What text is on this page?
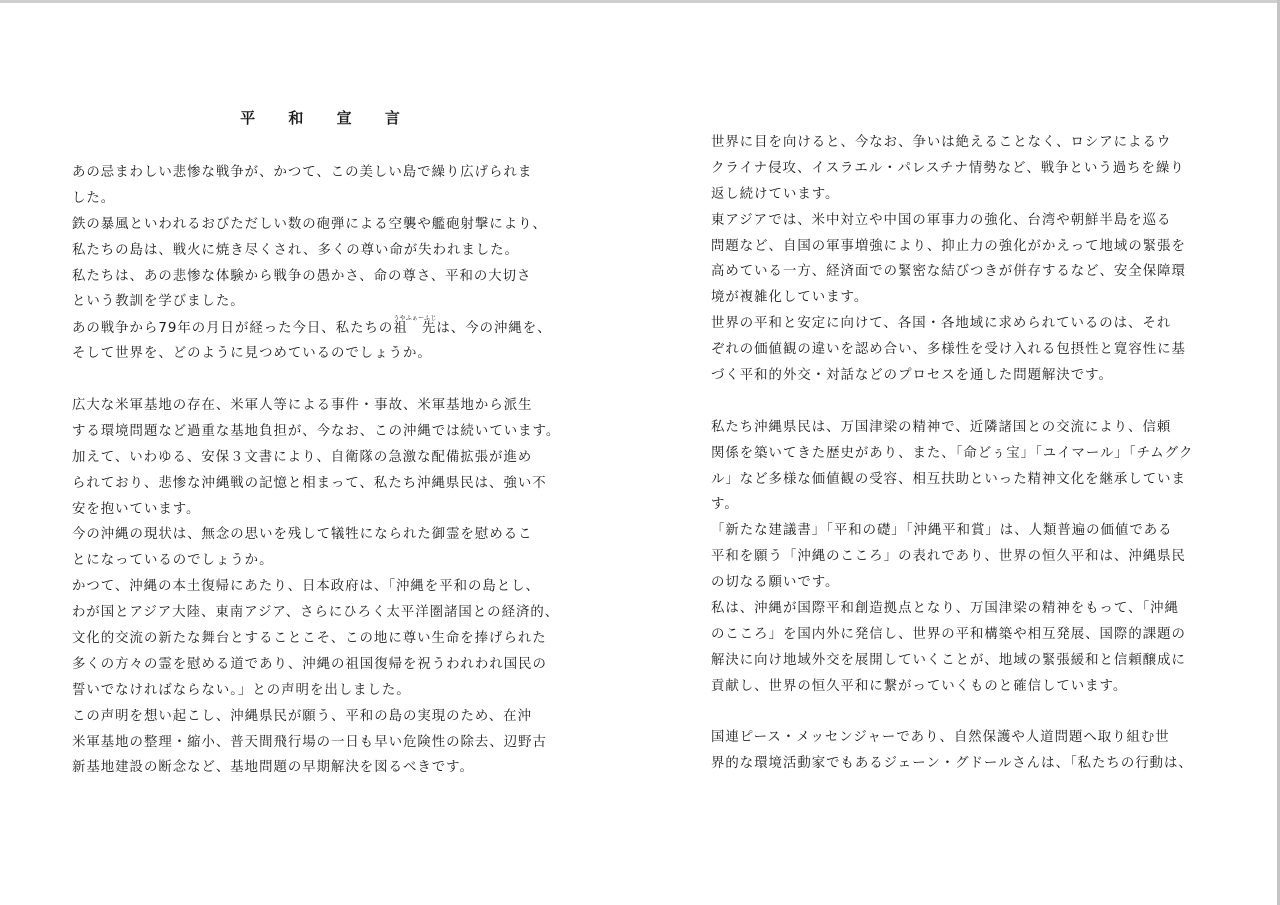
平 和 宣 言
あの忌まわしい悲惨な戦争が、かつて、この美しい島で繰り広げられま
した。
鉄の暴風といわれるおびただしい数の砲弾による空襲や艦砲射撃により、
私たちの島は、戦火に焼き尽くされ、多くの尊い命が失われました。
私たちは、あの悲惨な体験から戦争の愚かさ、命の尊さ、平和の大切さ
という教訓を学びました。
あの戦争から79年の月日が経った今日、私たちの祖　先うやふぁーふじは、今の沖縄を、
そして世界を、どのように見つめているのでしょうか。
広大な米軍基地の存在、米軍人等による事件・事故、米軍基地から派生
する環境問題など過重な基地負担が、今なお、この沖縄では続いています。
加えて、いわゆる、安保３文書により、自衛隊の急激な配備拡張が進め
られており、悲惨な沖縄戦の記憶と相まって、私たち沖縄県民は、強い不
安を抱いています。
今の沖縄の現状は、無念の思いを残して犠牲になられた御霊を慰めるこ
とになっているのでしょうか。
かつて、沖縄の本土復帰にあたり、日本政府は、「沖縄を平和の島とし、
わが国とアジア大陸、東南アジア、さらにひろく太平洋圏諸国との経済的、
文化的交流の新たな舞台とすることこそ、この地に尊い生命を捧げられた
多くの方々の霊を慰める道であり、沖縄の祖国復帰を祝うわれわれ国民の
誓いでなければならない。」との声明を出しました。
この声明を想い起こし、沖縄県民が願う、平和の島の実現のため、在沖
米軍基地の整理・縮小、普天間飛行場の一日も早い危険性の除去、辺野古
新基地建設の断念など、基地問題の早期解決を図るべきです。
世界に目を向けると、今なお、争いは絶えることなく、ロシアによるウ
クライナ侵攻、イスラエル・パレスチナ情勢など、戦争という過ちを繰り
返し続けています。
東アジアでは、米中対立や中国の軍事力の強化、台湾や朝鮮半島を巡る
問題など、自国の軍事増強により、抑止力の強化がかえって地域の緊張を
高めている一方、経済面での緊密な結びつきが併存するなど、安全保障環
境が複雑化しています。
世界の平和と安定に向けて、各国・各地域に求められているのは、それ
ぞれの価値観の違いを認め合い、多様性を受け入れる包摂性と寛容性に基
づく平和的外交・対話などのプロセスを通した問題解決です。
私たち沖縄県民は、万国津梁の精神で、近隣諸国との交流により、信頼
関係を築いてきた歴史があり、また、「命どぅ宝」「ユイマール」「チムグク
ル」など多様な価値観の受容、相互扶助といった精神文化を継承していま
す。
「新たな建議書」「平和の礎」「沖縄平和賞」は、人類普遍の価値である
平和を願う「沖縄のこころ」の表れであり、世界の恒久平和は、沖縄県民
の切なる願いです。
私は、沖縄が国際平和創造拠点となり、万国津梁の精神をもって、「沖縄
のこころ」を国内外に発信し、世界の平和構築や相互発展、国際的課題の
解決に向け地域外交を展開していくことが、地域の緊張緩和と信頼醸成に
貢献し、世界の恒久平和に繋がっていくものと確信しています。
国連ピース・メッセンジャーであり、自然保護や人道問題へ取り組む世
界的な環境活動家でもあるジェーン・グドールさんは、「私たちの行動は、
